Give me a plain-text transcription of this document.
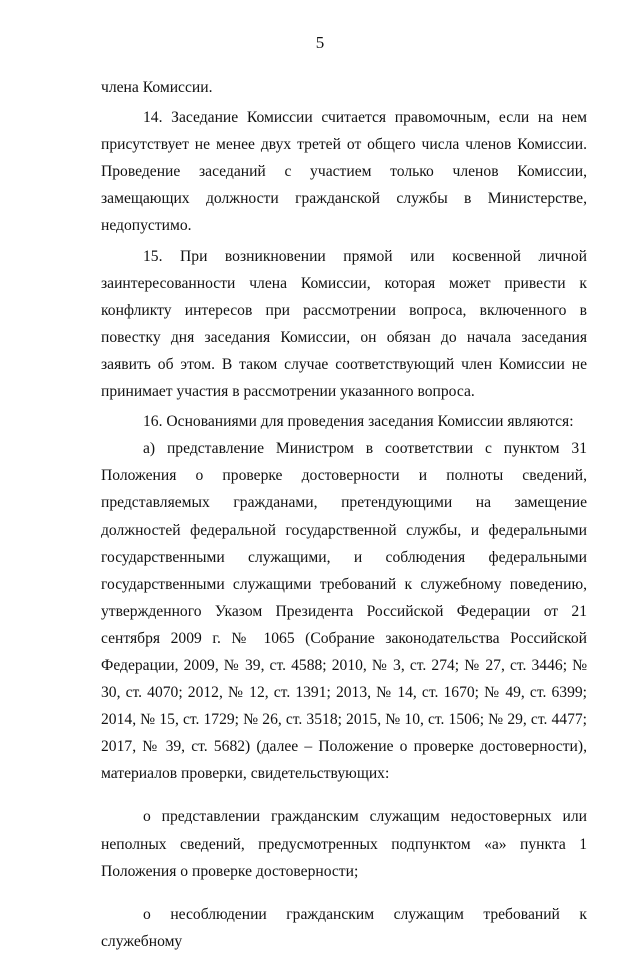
5

члена Комиссии.

14. Заседание Комиссии считается правомочным, если на нем присутствует не менее двух третей от общего числа членов Комиссии. Проведение заседаний с участием только членов Комиссии, замещающих должности гражданской службы в Министерстве, недопустимо.

15. При возникновении прямой или косвенной личной заинтересованности члена Комиссии, которая может привести к конфликту интересов при рассмотрении вопроса, включенного в повестку дня заседания Комиссии, он обязан до начала заседания заявить об этом. В таком случае соответствующий член Комиссии не принимает участия в рассмотрении указанного вопроса.

16. Основаниями для проведения заседания Комиссии являются:

а) представление Министром в соответствии с пунктом 31 Положения о проверке достоверности и полноты сведений, представляемых гражданами, претендующими на замещение должностей федеральной государственной службы, и федеральными государственными служащими, и соблюдения федеральными государственными служащими требований к служебному поведению, утвержденного Указом Президента Российской Федерации от 21 сентября 2009 г. № 1065 (Собрание законодательства Российской Федерации, 2009, № 39, ст. 4588; 2010, № 3, ст. 274; № 27, ст. 3446; № 30, ст. 4070; 2012, № 12, ст. 1391; 2013, № 14, ст. 1670; № 49, ст. 6399; 2014, № 15, ст. 1729; № 26, ст. 3518; 2015, № 10, ст. 1506; № 29, ст. 4477; 2017, № 39, ст. 5682) (далее – Положение о проверке достоверности), материалов проверки, свидетельствующих:

о представлении гражданским служащим недостоверных или неполных сведений, предусмотренных подпунктом «а» пункта 1 Положения о проверке достоверности;

о несоблюдении гражданским служащим требований к служебному
